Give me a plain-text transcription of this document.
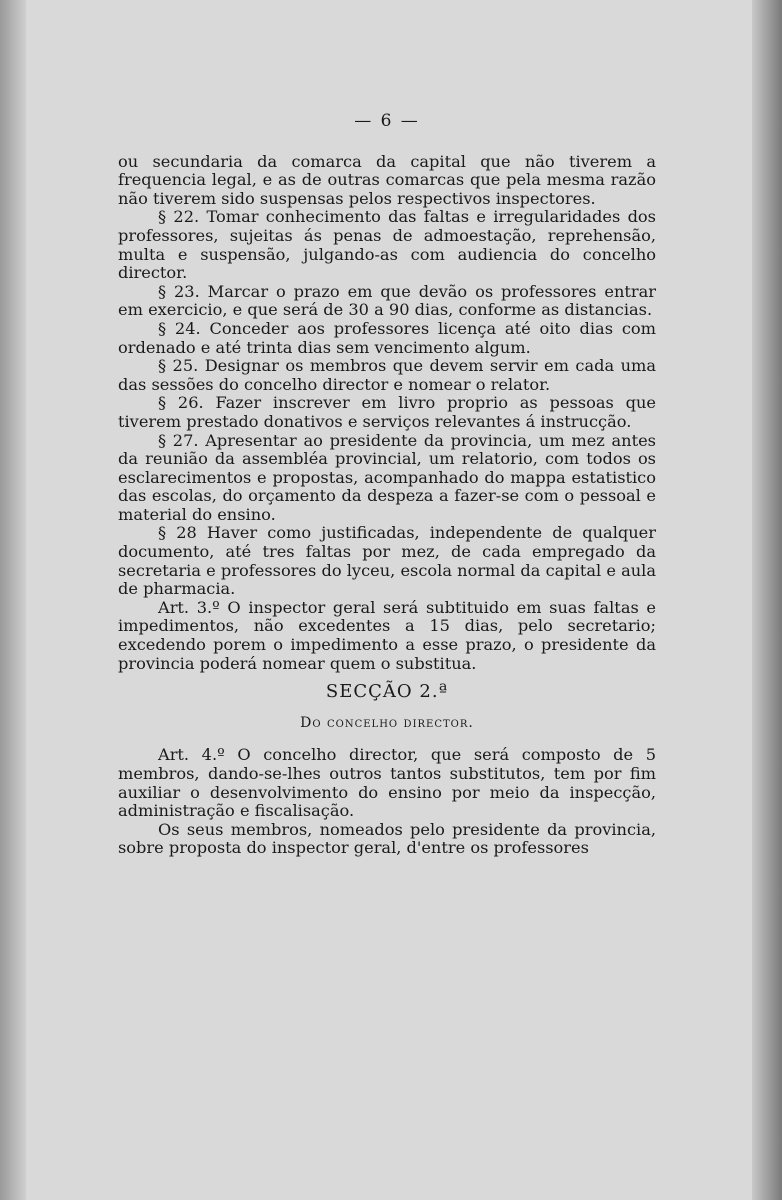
— 6 —

ou secundaria da comarca da capital que não tiverem a frequencia legal, e as de outras comarcas que pela mesma razão não tiverem sido suspensas pelos respectivos inspectores.

§ 22. Tomar conhecimento das faltas e irregularidades dos professores, sujeitas ás penas de admoestação, reprehensão, multa e suspensão, julgando-as com audiencia do concelho director.

§ 23. Marcar o prazo em que devão os professores entrar em exercicio, e que será de 30 a 90 dias, conforme as distancias.

§ 24. Conceder aos professores licença até oito dias com ordenado e até trinta dias sem vencimento algum.

§ 25. Designar os membros que devem servir em cada uma das sessões do concelho director e nomear o relator.

§ 26. Fazer inscrever em livro proprio as pessoas que tiverem prestado donativos e serviços relevantes á instrucção.

§ 27. Apresentar ao presidente da provincia, um mez antes da reunião da assembléa provincial, um relatorio, com todos os esclarecimentos e propostas, acompanhado do mappa estatistico das escolas, do orçamento da despeza a fazer-se com o pessoal e material do ensino.

§ 28 Haver como justificadas, independente de qualquer documento, até tres faltas por mez, de cada empregado da secretaria e professores do lyceu, escola normal da capital e aula de pharmacia.

Art. 3.º O inspector geral será subtituido em suas faltas e impedimentos, não excedentes a 15 dias, pelo secretario; excedendo porem o impedimento a esse prazo, o presidente da provincia poderá nomear quem o substitua.

SECÇÃO 2.ª
Do concelho director.

Art. 4.º O concelho director, que será composto de 5 membros, dando-se-lhes outros tantos substitutos, tem por fim auxiliar o desenvolvimento do ensino por meio da inspecção, administração e fiscalisação.

Os seus membros, nomeados pelo presidente da provincia, sobre proposta do inspector geral, d'entre os professores
